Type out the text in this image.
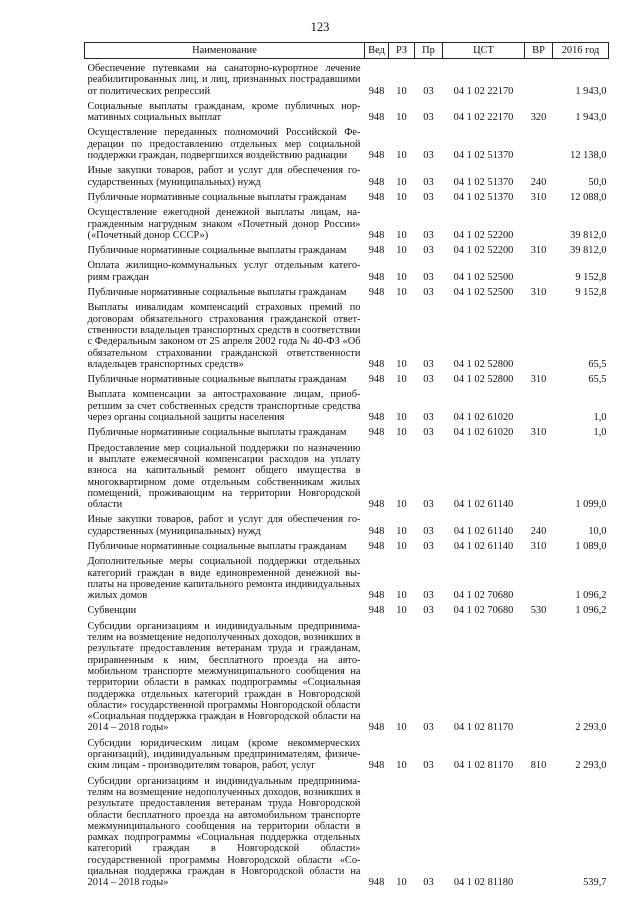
123
Наименование	Вед	РЗ	Пр	ЦСТ	ВР	2016 год
Обеспечение путевками на санаторно-курортное лечение реабилитированных лиц, и лиц, признанных пострадавшими от политических репрессий	948	10	03	04 1 02 22170		1 943,0
Социальные выплаты гражданам, кроме публичных нормативных социальных выплат	948	10	03	04 1 02 22170	320	1 943,0
Осуществление переданных полномочий Российской Федерации по предоставлению отдельных мер социальной поддержки граждан, подвергшихся воздействию радиации	948	10	03	04 1 02 51370		12 138,0
Иные закупки товаров, работ и услуг для обеспечения государственных (муниципальных) нужд	948	10	03	04 1 02 51370	240	50,0
Публичные нормативные социальные выплаты гражданам	948	10	03	04 1 02 51370	310	12 088,0
Осуществление ежегодной денежной выплаты лицам, награжденным нагрудным знаком «Почетный донор России» («Почетный донор СССР»)	948	10	03	04 1 02 52200		39 812,0
Публичные нормативные социальные выплаты гражданам	948	10	03	04 1 02 52200	310	39 812,0
Оплата жилищно-коммунальных услуг отдельным категориям граждан	948	10	03	04 1 02 52500		9 152,8
Публичные нормативные социальные выплаты гражданам	948	10	03	04 1 02 52500	310	9 152,8
Выплаты инвалидам компенсаций страховых премий по договорам обязательного страхования гражданской ответственности владельцев транспортных средств в соответствии с Федеральным законом от 25 апреля 2002 года № 40-ФЗ «Об обязательном страховании гражданской ответственности владельцев транспортных средств»	948	10	03	04 1 02 52800		65,5
Публичные нормативные социальные выплаты гражданам	948	10	03	04 1 02 52800	310	65,5
Выплата компенсации за автострахование лицам, приобретшим за счет собственных средств транспортные средства через органы социальной защиты населения	948	10	03	04 1 02 61020		1,0
Публичные нормативные социальные выплаты гражданам	948	10	03	04 1 02 61020	310	1,0
Предоставление мер социальной поддержки по назначению и выплате ежемесячной компенсации расходов на уплату взноса на капитальный ремонт общего имущества в многоквартирном доме отдельным собственникам жилых помещений, проживающим на территории Новгородской области	948	10	03	04 1 02 61140		1 099,0
Иные закупки товаров, работ и услуг для обеспечения государственных (муниципальных) нужд	948	10	03	04 1 02 61140	240	10,0
Публичные нормативные социальные выплаты гражданам	948	10	03	04 1 02 61140	310	1 089,0
Дополнительные меры социальной поддержки отдельных категорий граждан в виде единовременной денежной выплаты на проведение капитального ремонта индивидуальных жилых домов	948	10	03	04 1 02 70680		1 096,2
Субвенции	948	10	03	04 1 02 70680	530	1 096,2
Субсидии организациям и индивидуальным предпринимателям на возмещение недополученных доходов, возникших в результате предоставления ветеранам труда и гражданам, приравненным к ним, бесплатного проезда на автомобильном транспорте межмуниципального сообщения на территории области в рамках подпрограммы «Социальная поддержка отдельных категорий граждан в Новгородской области» государственной программы Новгородской области «Социальная поддержка граждан в Новгородской области на 2014 – 2018 годы»	948	10	03	04 1 02 81170		2 293,0
Субсидии юридическим лицам (кроме некоммерческих организаций), индивидуальным предпринимателям, физическим лицам - производителям товаров, работ, услуг	948	10	03	04 1 02 81170	810	2 293,0
Субсидии организациям и индивидуальным предпринимателям на возмещение недополученных доходов, возникших в результате предоставления ветеранам труда Новгородской области бесплатного проезда на автомобильном транспорте межмуниципального сообщения на территории области в рамках подпрограммы «Социальная поддержка отдельных категорий граждан в Новгородской области» государственной программы Новгородской области «Социальная поддержка граждан в Новгородской области на 2014 – 2018 годы»	948	10	03	04 1 02 81180		539,7
